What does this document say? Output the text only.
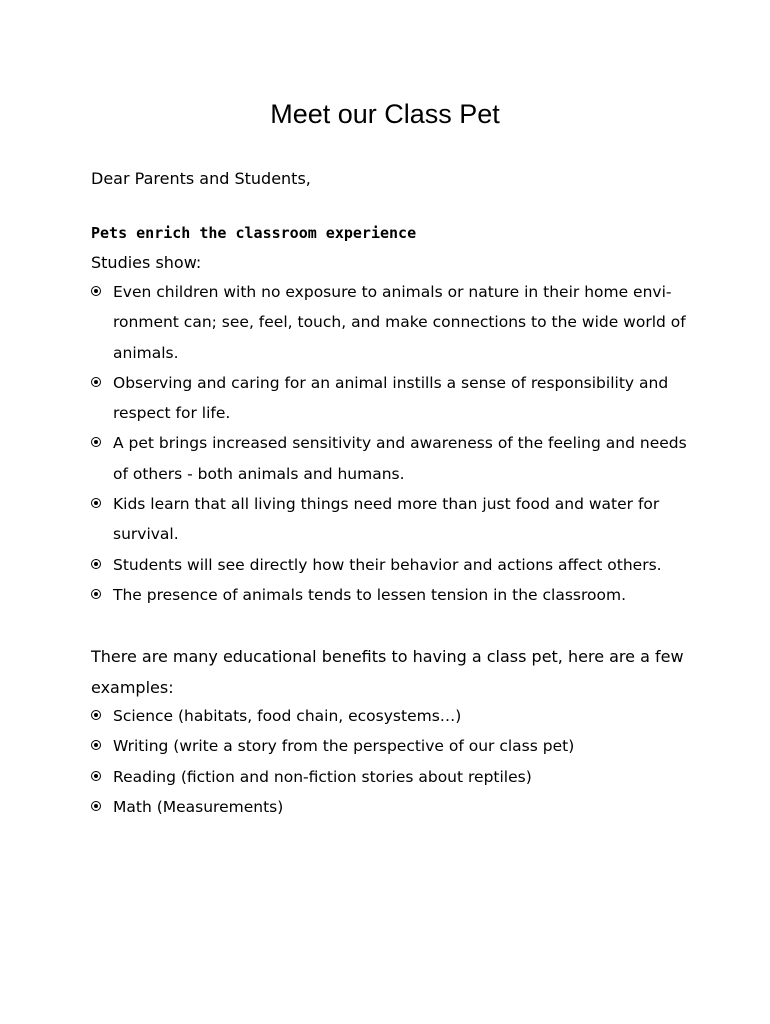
Meet our Class Pet
Dear Parents and Students,
Pets enrich the classroom experience
Studies show:
Even children with no exposure to animals or nature in their home envi- ronment can; see, feel, touch, and make connections to the wide world of animals.
Observing and caring for an animal instills a sense of responsibility and respect for life.
A pet brings increased sensitivity and awareness of the feeling and needs of others - both animals and humans.
Kids learn that all living things need more than just food and water for survival.
Students will see directly how their behavior and actions affect others.
The presence of animals tends to lessen tension in the classroom.
There are many educational benefits to having a class pet, here are a few examples:
Science (habitats, food chain, ecosystems…)
Writing (write a story from the perspective of our class pet)
Reading (fiction and non-fiction stories about reptiles)
Math (Measurements)
